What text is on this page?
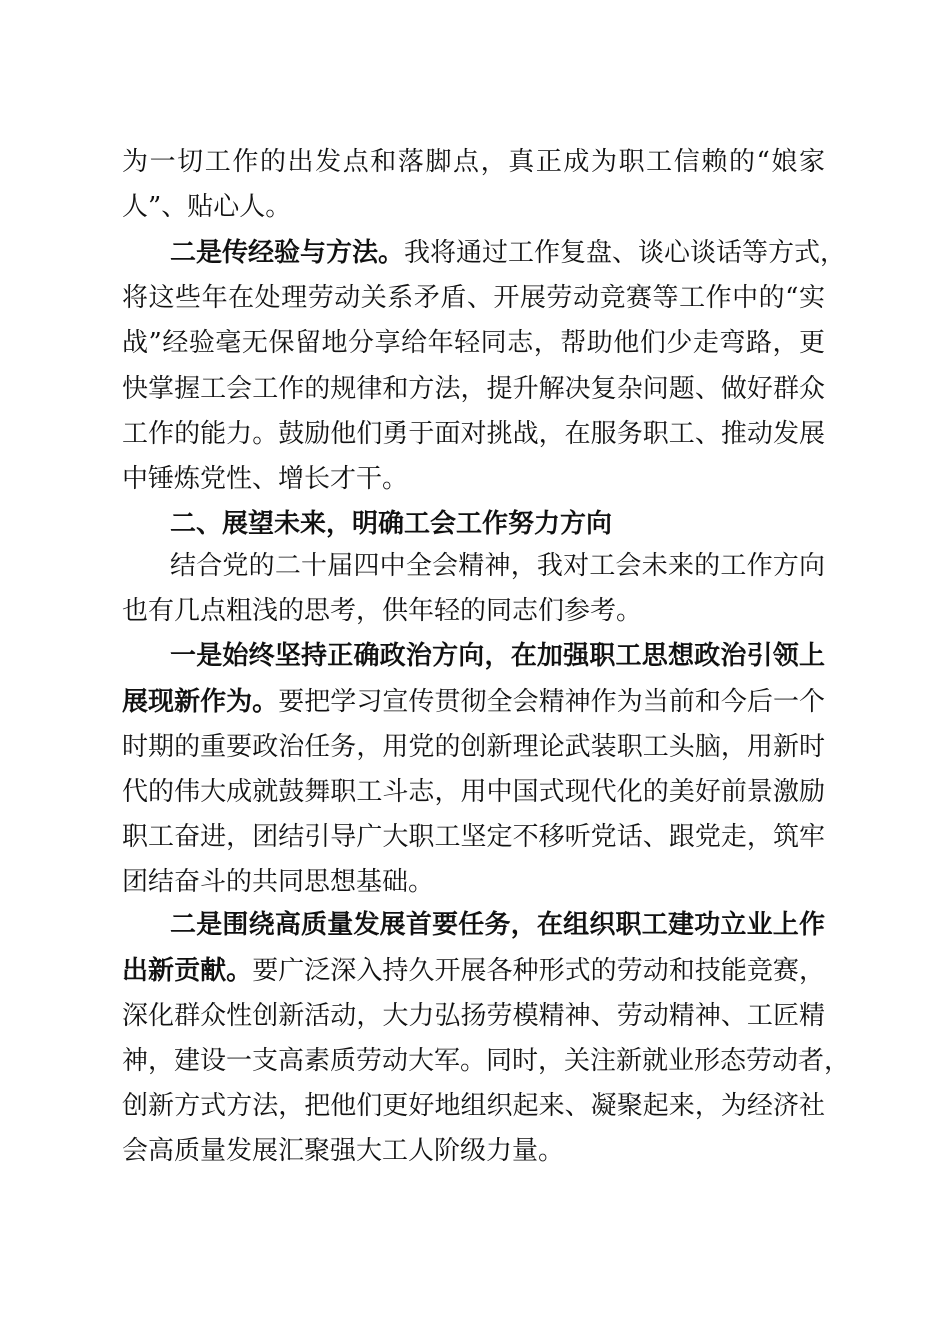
为一切工作的出发点和落脚点，真正成为职工信赖的“娘家
人”、贴心人。
二是传经验与方法。我将通过工作复盘、谈心谈话等方式，
将这些年在处理劳动关系矛盾、开展劳动竞赛等工作中的“实
战”经验毫无保留地分享给年轻同志，帮助他们少走弯路，更
快掌握工会工作的规律和方法，提升解决复杂问题、做好群众
工作的能力。鼓励他们勇于面对挑战，在服务职工、推动发展
中锤炼党性、增长才干。
二、展望未来，明确工会工作努力方向
结合党的二十届四中全会精神，我对工会未来的工作方向
也有几点粗浅的思考，供年轻的同志们参考。
一是始终坚持正确政治方向，在加强职工思想政治引领上
展现新作为。要把学习宣传贯彻全会精神作为当前和今后一个
时期的重要政治任务，用党的创新理论武装职工头脑，用新时
代的伟大成就鼓舞职工斗志，用中国式现代化的美好前景激励
职工奋进，团结引导广大职工坚定不移听党话、跟党走，筑牢
团结奋斗的共同思想基础。
二是围绕高质量发展首要任务，在组织职工建功立业上作
出新贡献。要广泛深入持久开展各种形式的劳动和技能竞赛，
深化群众性创新活动，大力弘扬劳模精神、劳动精神、工匠精
神，建设一支高素质劳动大军。同时，关注新就业形态劳动者，
创新方式方法，把他们更好地组织起来、凝聚起来，为经济社
会高质量发展汇聚强大工人阶级力量。
